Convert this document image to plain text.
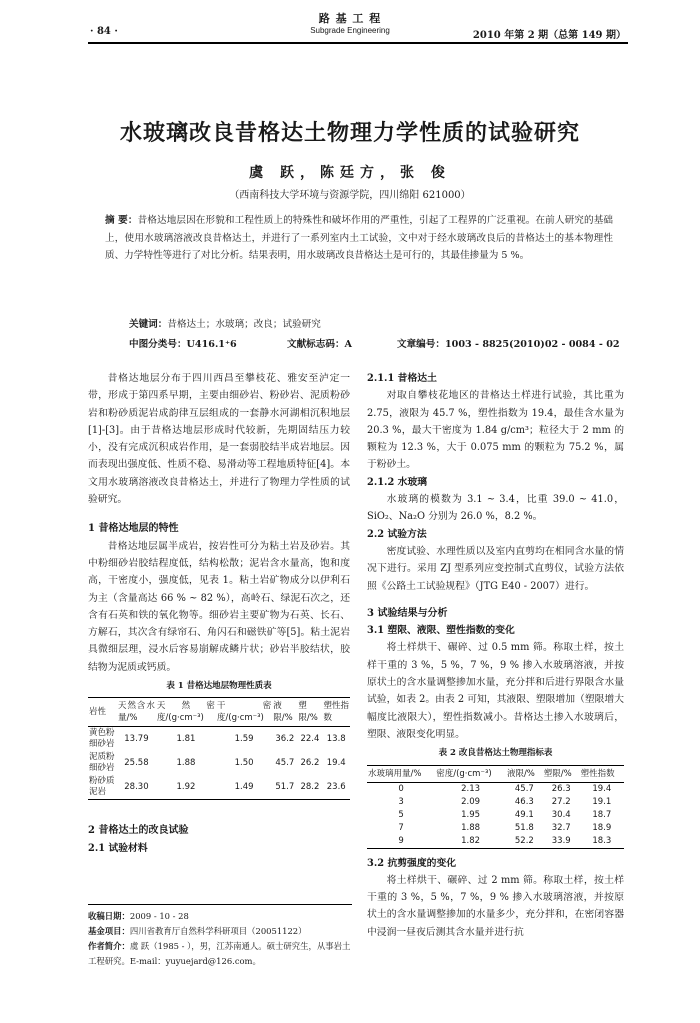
· 84 ·
路 基 工 程
Subgrade Engineering	2010 年第 2 期（总第 149 期）
水玻璃改良昔格达土物理力学性质的试验研究
虞 跃，陈廷方，张 俊
（西南科技大学环境与资源学院，四川绵阳 621000）
摘 要：昔格达地层因在形貌和工程性质上的特殊性和破坏作用的严重性，引起了工程界的广泛重视。在前人研究的基础上，使用水玻璃溶液改良昔格达土，并进行了一系列室内土工试验，文中对于经水玻璃改良后的昔格达土的基本物理性质、力学特性等进行了对比分析。结果表明，用水玻璃改良昔格达土是可行的，其最佳掺量为 5 %。
关键词：昔格达土；水玻璃；改良；试验研究
中图分类号：U416.1⁺6	文献标志码：A	文章编号：1003 - 8825(2010)02 - 0084 - 02

昔格达地层分布于四川西昌至攀枝花、雅安至泸定一带，形成于第四系早期，主要由细砂岩、粉砂岩、泥质粉砂岩和粉砂质泥岩成韵律互层组成的一套静水河湖相沉积地层[1]-[3]。由于昔格达地层形成时代较新，先期固结压力较小，没有完成沉积成岩作用，是一套弱胶结半成岩地层。因而表现出强度低、性质不稳、易滑动等工程地质特征[4]。本文用水玻璃溶液改良昔格达土，并进行了物理力学性质的试验研究。

1 昔格达地层的特性

昔格达地层属半成岩，按岩性可分为粘土岩及砂岩。其中粉细砂岩胶结程度低，结构松散；泥岩含水量高，饱和度高，干密度小，强度低，见表 1。粘土岩矿物成分以伊利石为主（含量高达 66 % ~ 82 %），高岭石、绿泥石次之，还含有石英和铁的氧化物等。细砂岩主要矿物为石英、长石、方解石，其次含有绿帘石、角闪石和磁铁矿等[5]。粘土泥岩具微细层理，浸水后容易崩解成鳞片状；砂岩半胶结状，胶结物为泥质或钙质。

表 1 昔格达地层物理性质表
岩性	天然含水量/%	天然密度/(g·cm⁻³)	干密度/(g·cm⁻³)	液限/%	塑限/%	塑性指数
黄色粉细砂岩	13.79	1.81	1.59	36.2	22.4	13.8
泥质粉细砂岩	25.58	1.88	1.50	45.7	26.2	19.4
粉砂质泥岩	28.30	1.92	1.49	51.7	28.2	23.6
2 昔格达土的改良试验
2.1 试验材料
收稿日期：2009 - 10 - 28
基金项目：四川省教育厅自然科学科研项目（20051122）
作者简介：虞 跃（1985 - ），男，江苏南通人。硕士研究生，从事岩土工程研究。E-mail：yuyuejard@126.com。
2.1.1 昔格达土

对取自攀枝花地区的昔格达土样进行试验，其比重为 2.75，液限为 45.7 %，塑性指数为 19.4，最佳含水量为 20.3 %，最大干密度为 1.84 g/cm³；粒径大于 2 mm 的颗粒为 12.3 %，大于 0.075 mm 的颗粒为 75.2 %，属于粉砂土。

2.1.2 水玻璃

水玻璃的模数为 3.1 ~ 3.4，比重 39.0 ~ 41.0，SiO₂、Na₂O 分别为 26.0 %，8.2 %。

2.2 试验方法

密度试验、水理性质以及室内直剪均在相同含水量的情况下进行。采用 ZJ 型系列应变控制式直剪仪，试验方法依照《公路土工试验规程》（JTG E40 - 2007）进行。

3 试验结果与分析
3.1 塑限、液限、塑性指数的变化

将土样烘干、碾碎、过 0.5 mm 筛。称取土样，按土样干重的 3 %，5 %，7 %，9 % 掺入水玻璃溶液，并按原状土的含水量调整掺加水量，充分拌和后进行界限含水量试验，如表 2。由表 2 可知，其液限、塑限增加（塑限增大幅度比液限大），塑性指数减小。昔格达土掺入水玻璃后，塑限、液限变化明显。

表 2 改良昔格达土物理指标表
水玻璃用量/%	密度/(g·cm⁻³)	液限/%	塑限/%	塑性指数
0	2.13	45.7	26.3	19.4
3	2.09	46.3	27.2	19.1
5	1.95	49.1	30.4	18.7
7	1.88	51.8	32.7	18.9
9	1.82	52.2	33.9	18.3
3.2 抗剪强度的变化

将土样烘干、碾碎、过 2 mm 筛。称取土样，按土样干重的 3 %，5 %，7 %，9 % 掺入水玻璃溶液，并按原状土的含水量调整掺加的水量多少，充分拌和，在密闭容器中浸润一昼夜后测其含水量并进行抗
